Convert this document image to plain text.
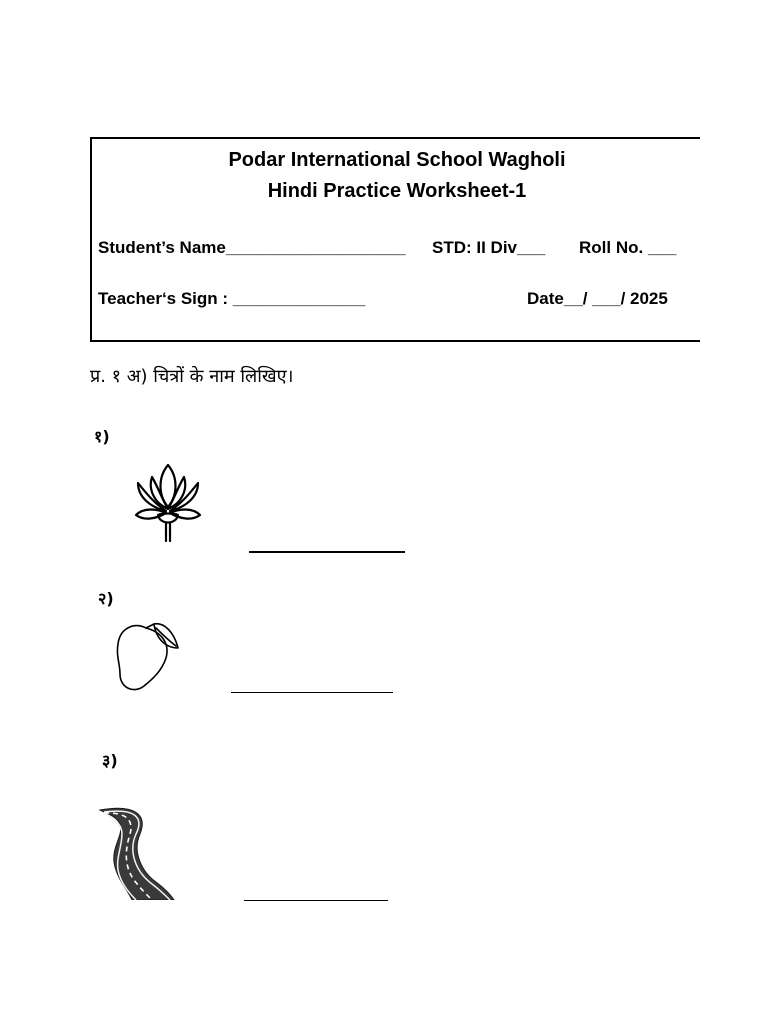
Podar International School Wagholi
Hindi Practice Worksheet-1
Student’s Name___________________ STD: II Div___ Roll No. ___
Teacher‘s Sign : ______________	Date__/ ___/ 2025
प्र. १ अ) चित्रों के नाम लिखिए।
१)
२)
३)
